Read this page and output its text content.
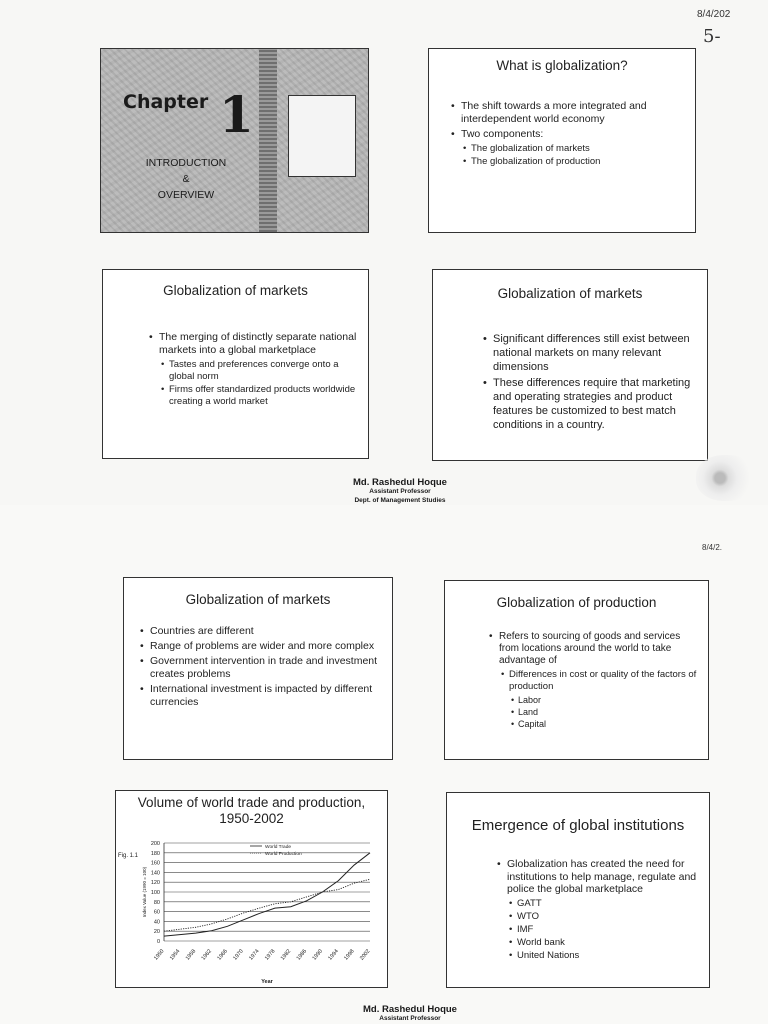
8/4/202
5-
Chapter 1
INTRODUCTION
&
OVERVIEW
What is globalization?
• The shift towards a more integrated and interdependent world economy
• Two components:
• The globalization of markets
• The globalization of production
Globalization of markets
• The merging of distinctly separate national markets into a global marketplace
• Tastes and preferences converge onto a global norm
• Firms offer standardized products worldwide creating a world market
Globalization of markets
• Significant differences still exist between national markets on many relevant dimensions
• These differences require that marketing and operating strategies and product features be customized to best match conditions in a country.
Md. Rashedul Hoque
Assistant Professor
Dept. of Management Studies
8/4/2.
Globalization of markets
• Countries are different
• Range of problems are wider and more complex
• Government intervention in trade and investment creates problems
• International investment is impacted by different currencies
Globalization of production
• Refers to sourcing of goods and services from locations around the world to take advantage of
• Differences in cost or quality of the factors of production
• Labor
• Land
• Capital
Volume of world trade and production, 1950-2002
Fig. 1.1
0
20
40
60
80
100
120
140
160
180
200
1950 1954 1958 1962 1966 1970 1974 1978 1982 1986 1990 1994 1998 2002
Year
Index Value (1990 = 100)
World Trade
World Production
Emergence of global institutions
• Globalization has created the need for institutions to help manage, regulate and police the global marketplace
• GATT
• WTO
• IMF
• World bank
• United Nations
Md. Rashedul Hoque
Assistant Professor
